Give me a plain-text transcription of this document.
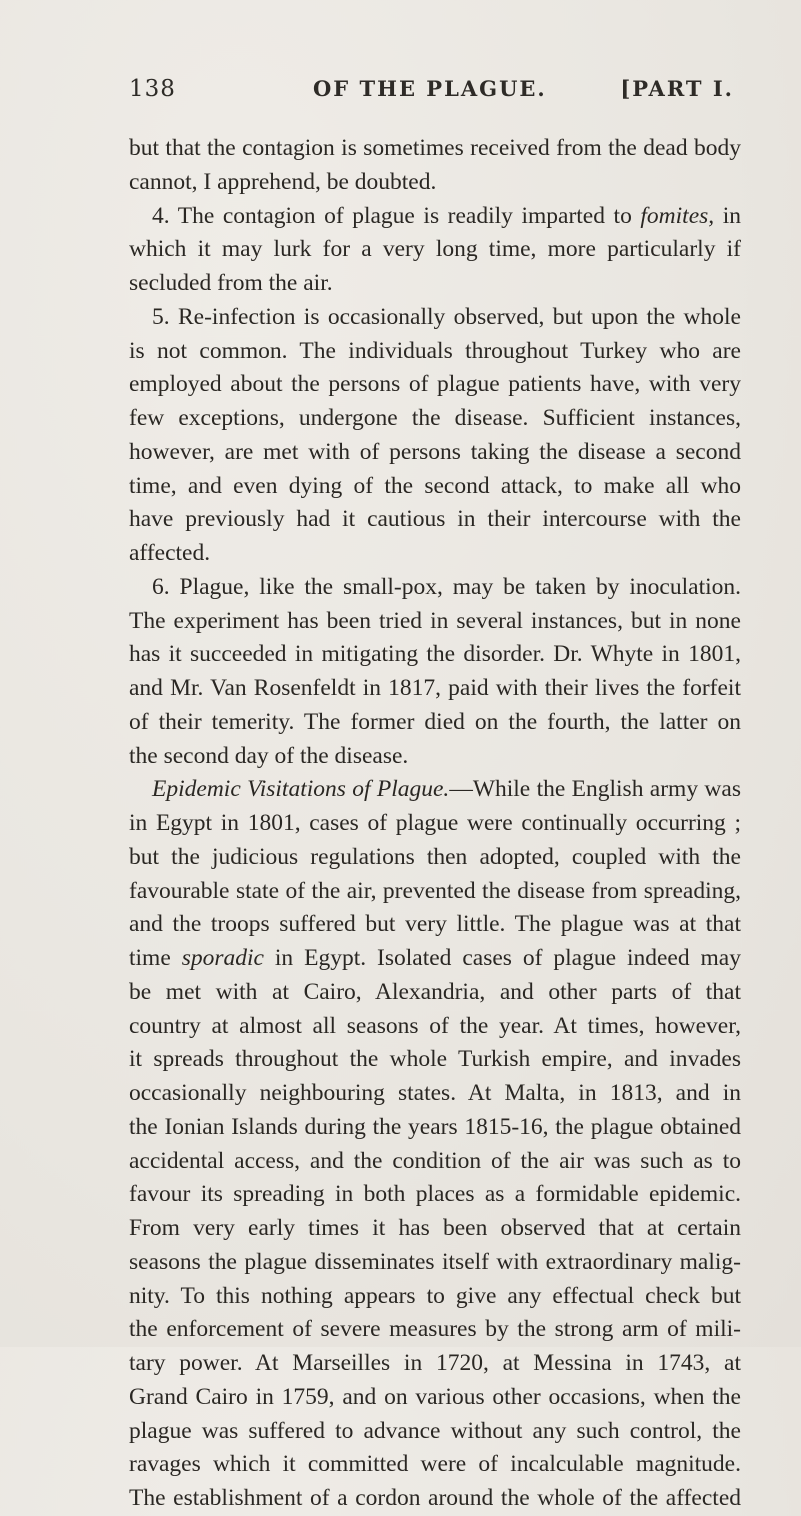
138	OF THE PLAGUE.	[PART I.
but that the contagion is sometimes received from the dead body
cannot, I apprehend, be doubted.
4. The contagion of plague is readily imparted to fomites, in
which it may lurk for a very long time, more particularly if
secluded from the air.
5. Re-infection is occasionally observed, but upon the whole
is not common. The individuals throughout Turkey who are
employed about the persons of plague patients have, with very
few exceptions, undergone the disease. Sufficient instances,
however, are met with of persons taking the disease a second
time, and even dying of the second attack, to make all who
have previously had it cautious in their intercourse with the
affected.
6. Plague, like the small-pox, may be taken by inoculation.
The experiment has been tried in several instances, but in none
has it succeeded in mitigating the disorder. Dr. Whyte in 1801,
and Mr. Van Rosenfeldt in 1817, paid with their lives the forfeit
of their temerity. The former died on the fourth, the latter on
the second day of the disease.
Epidemic Visitations of Plague.—While the English army was
in Egypt in 1801, cases of plague were continually occurring ;
but the judicious regulations then adopted, coupled with the
favourable state of the air, prevented the disease from spreading,
and the troops suffered but very little. The plague was at that
time sporadic in Egypt. Isolated cases of plague indeed may
be met with at Cairo, Alexandria, and other parts of that
country at almost all seasons of the year. At times, however,
it spreads throughout the whole Turkish empire, and invades
occasionally neighbouring states. At Malta, in 1813, and in
the Ionian Islands during the years 1815-16, the plague obtained
accidental access, and the condition of the air was such as to
favour its spreading in both places as a formidable epidemic.
From very early times it has been observed that at certain
seasons the plague disseminates itself with extraordinary malig-
nity. To this nothing appears to give any effectual check but
the enforcement of severe measures by the strong arm of mili-
tary power. At Marseilles in 1720, at Messina in 1743, at
Grand Cairo in 1759, and on various other occasions, when the
plague was suffered to advance without any such control, the
ravages which it committed were of incalculable magnitude.
The establishment of a cordon around the whole of the affected
